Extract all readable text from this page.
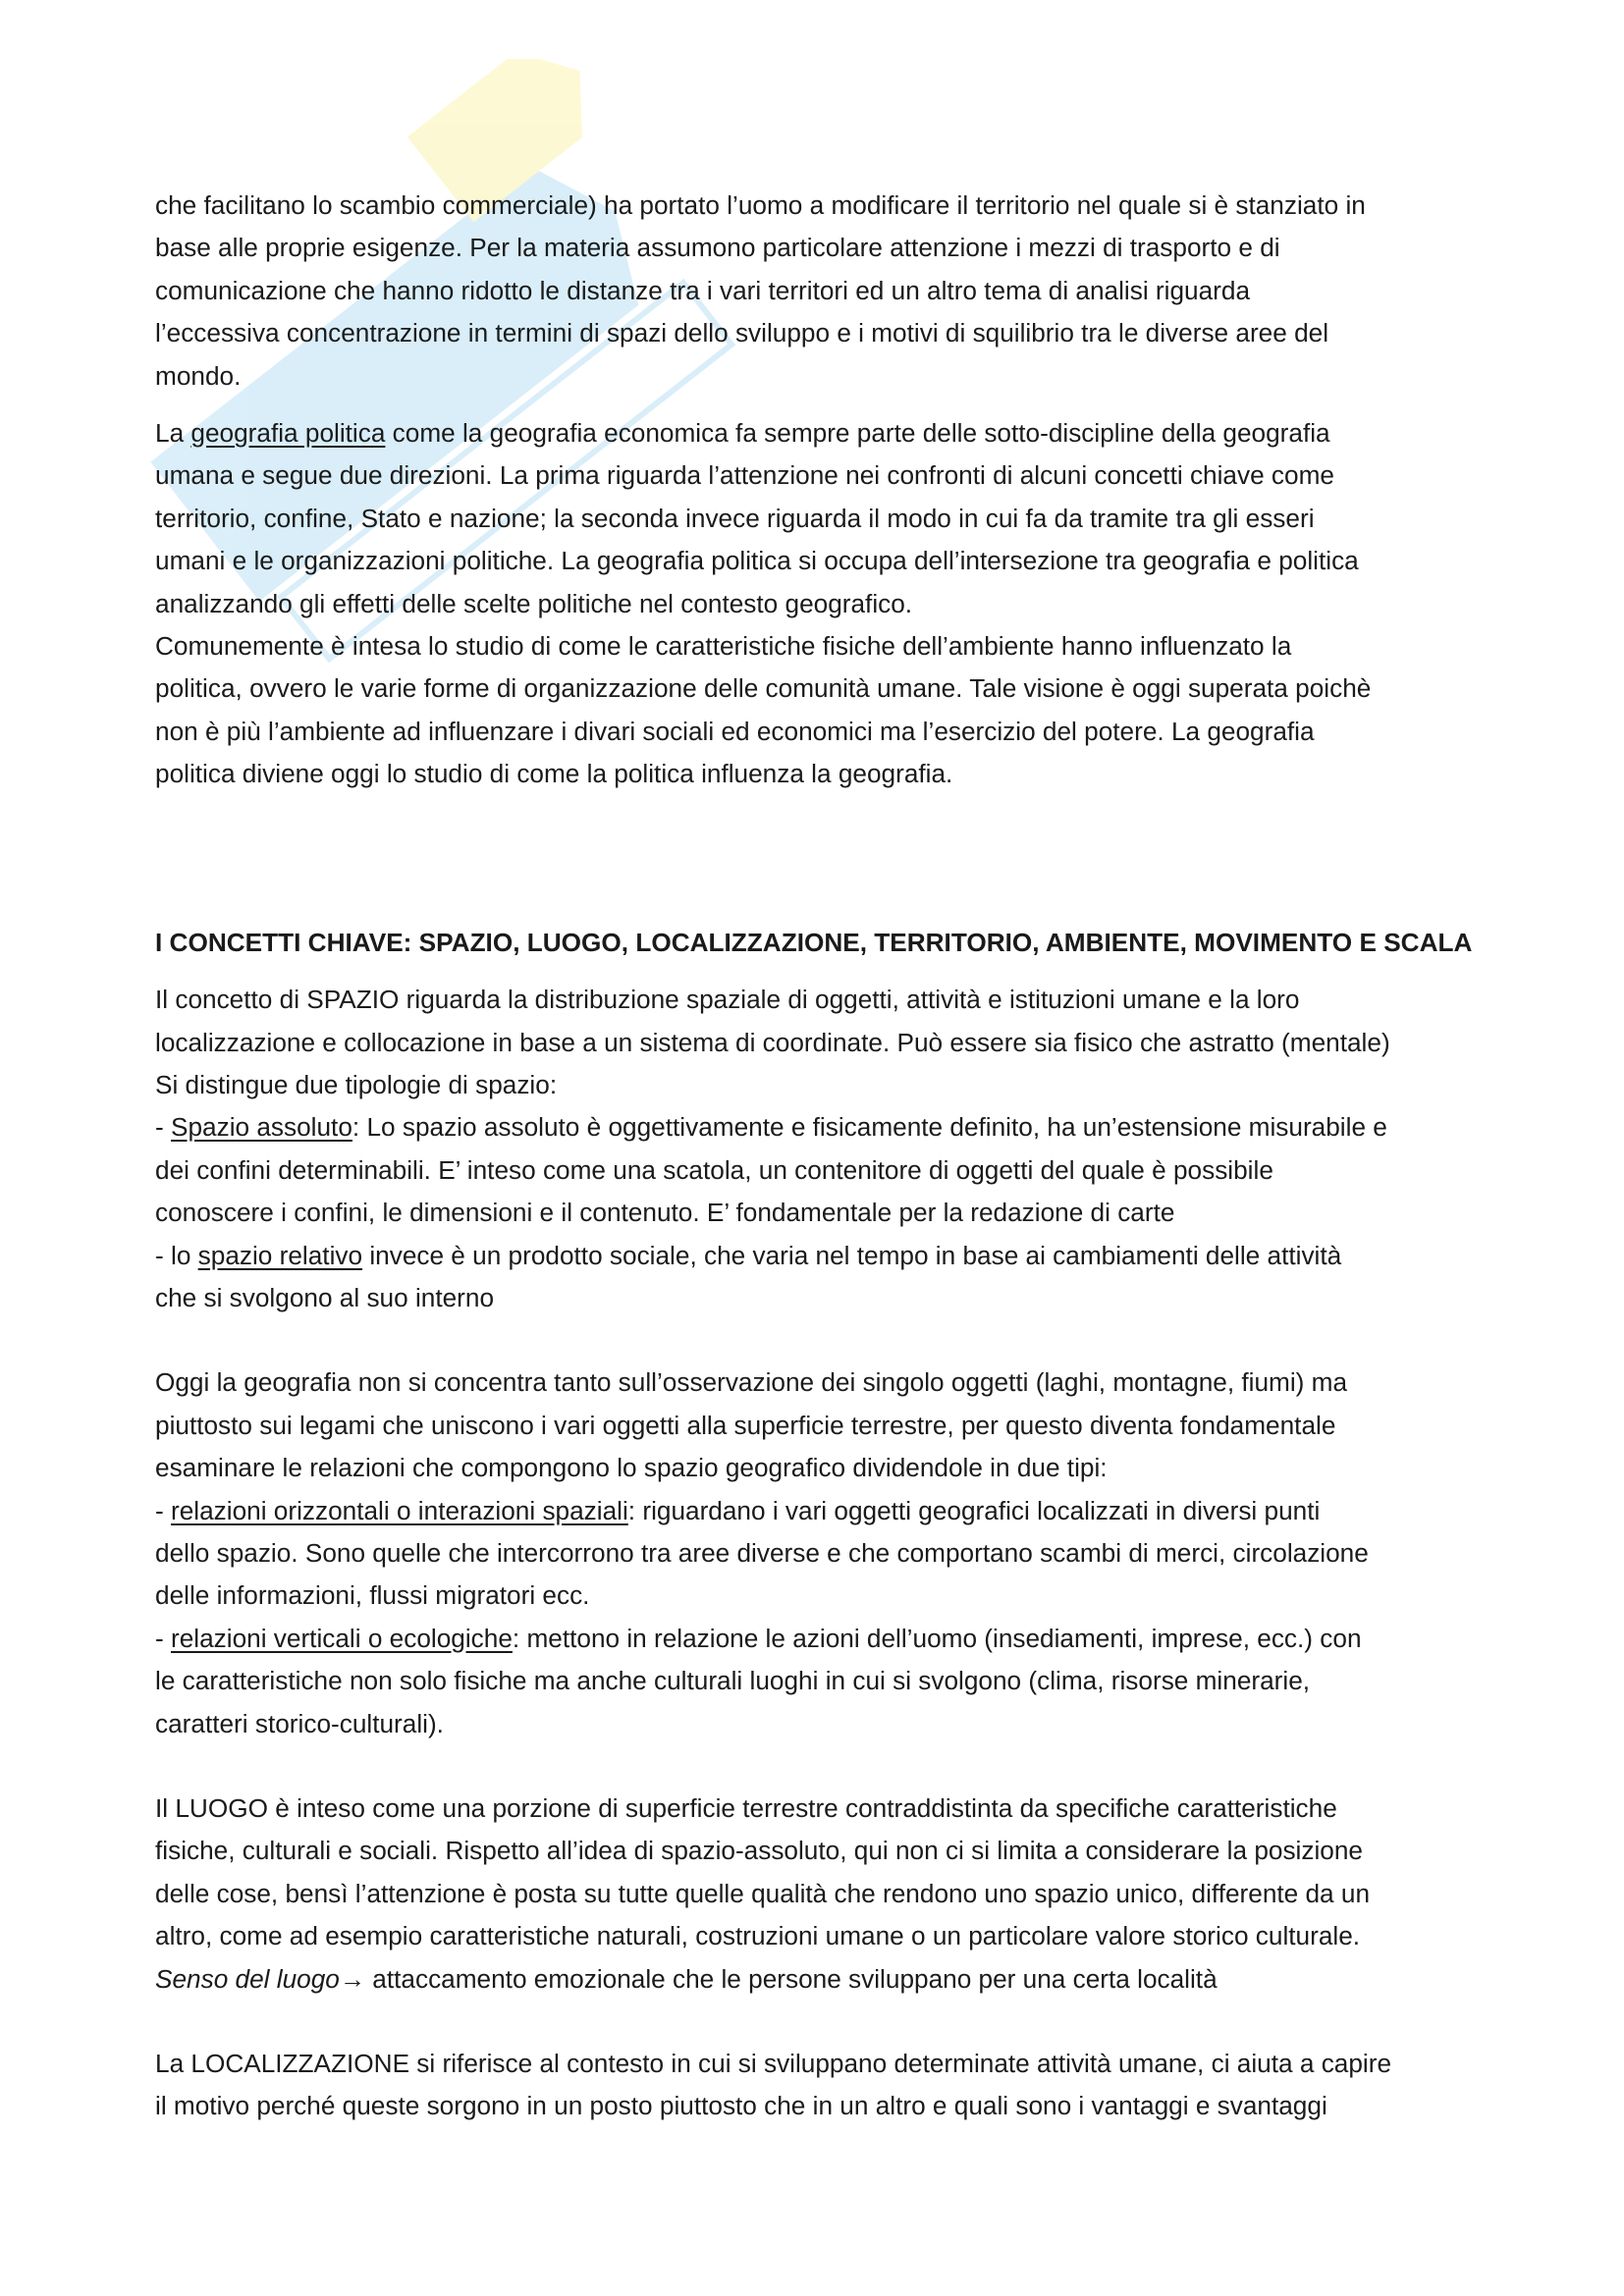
che facilitano lo scambio commerciale) ha portato l’uomo a modificare il territorio nel quale si è stanziato in

base alle proprie esigenze. Per la materia assumono particolare attenzione i mezzi di trasporto e di

comunicazione che hanno ridotto le distanze tra i vari territori ed un altro tema di analisi riguarda

l’eccessiva concentrazione in termini di spazi dello sviluppo e i motivi di squilibrio tra le diverse aree del

mondo.

La geografia politica come la geografia economica fa sempre parte delle sotto-discipline della geografia

umana e segue due direzioni. La prima riguarda l’attenzione nei confronti di alcuni concetti chiave come

territorio, confine, Stato e nazione; la seconda invece riguarda il modo in cui fa da tramite tra gli esseri

umani e le organizzazioni politiche. La geografia politica si occupa dell’intersezione tra geografia e politica

analizzando gli effetti delle scelte politiche nel contesto geografico.

Comunemente è intesa lo studio di come le caratteristiche fisiche dell’ambiente hanno influenzato la

politica, ovvero le varie forme di organizzazione delle comunità umane. Tale visione è oggi superata poichè

non è più l’ambiente ad influenzare i divari sociali ed economici ma l’esercizio del potere. La geografia

politica diviene oggi lo studio di come la politica influenza la geografia.

I CONCETTI CHIAVE: SPAZIO, LUOGO, LOCALIZZAZIONE, TERRITORIO, AMBIENTE, MOVIMENTO E SCALA

Il concetto di SPAZIO riguarda la distribuzione spaziale di oggetti, attività e istituzioni umane e la loro

localizzazione e collocazione in base a un sistema di coordinate. Può essere sia fisico che astratto (mentale)

Si distingue due tipologie di spazio:

- Spazio assoluto: Lo spazio assoluto è oggettivamente e fisicamente definito, ha un’estensione misurabile e

dei confini determinabili. E’ inteso come una scatola, un contenitore di oggetti del quale è possibile

conoscere i confini, le dimensioni e il contenuto. E’ fondamentale per la redazione di carte

- lo spazio relativo invece è un prodotto sociale, che varia nel tempo in base ai cambiamenti delle attività

che si svolgono al suo interno

Oggi la geografia non si concentra tanto sull’osservazione dei singolo oggetti (laghi, montagne, fiumi) ma

piuttosto sui legami che uniscono i vari oggetti alla superficie terrestre, per questo diventa fondamentale

esaminare le relazioni che compongono lo spazio geografico dividendole in due tipi:

- relazioni orizzontali o interazioni spaziali: riguardano i vari oggetti geografici localizzati in diversi punti

dello spazio. Sono quelle che intercorrono tra aree diverse e che comportano scambi di merci, circolazione

delle informazioni, flussi migratori ecc.

- relazioni verticali o ecologiche: mettono in relazione le azioni dell’uomo (insediamenti, imprese, ecc.) con

le caratteristiche non solo fisiche ma anche culturali luoghi in cui si svolgono (clima, risorse minerarie,

caratteri storico-culturali).

Il LUOGO è inteso come una porzione di superficie terrestre contraddistinta da specifiche caratteristiche

fisiche, culturali e sociali. Rispetto all’idea di spazio-assoluto, qui non ci si limita a considerare la posizione

delle cose, bensì l’attenzione è posta su tutte quelle qualità che rendono uno spazio unico, differente da un

altro, come ad esempio caratteristiche naturali, costruzioni umane o un particolare valore storico culturale.

Senso del luogo→ attaccamento emozionale che le persone sviluppano per una certa località

La LOCALIZZAZIONE si riferisce al contesto in cui si sviluppano determinate attività umane, ci aiuta a capire

il motivo perché queste sorgono in un posto piuttosto che in un altro e quali sono i vantaggi e svantaggi
